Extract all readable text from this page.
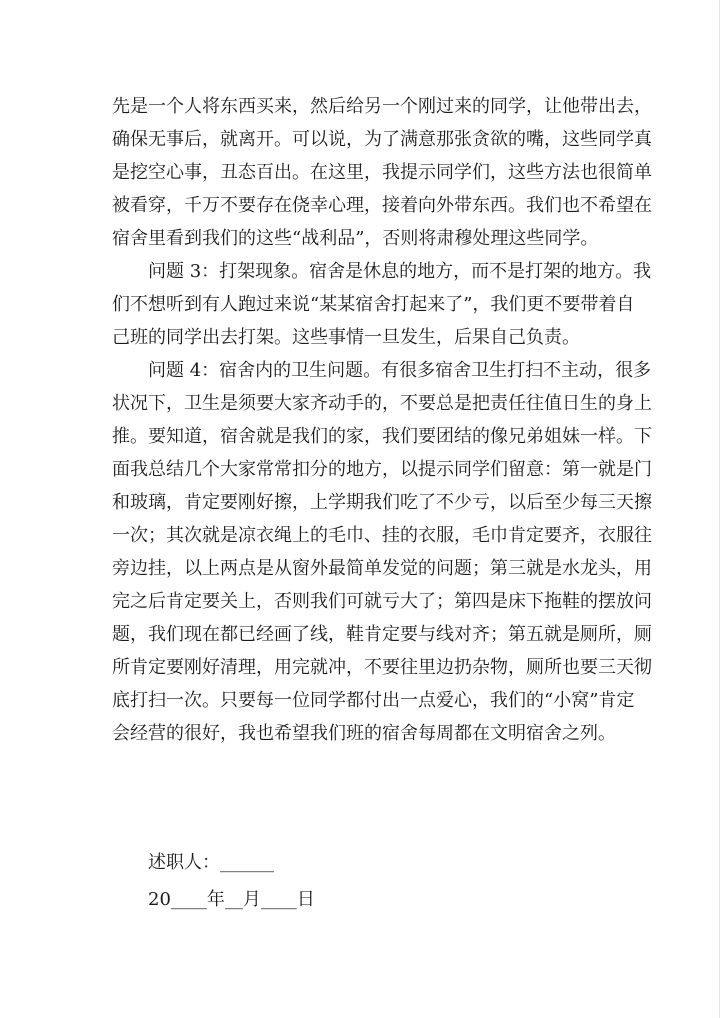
先是一个人将东西买来，然后给另一个刚过来的同学，让他带出去，
确保无事后，就离开。可以说，为了满意那张贪欲的嘴，这些同学真
是挖空心事，丑态百出。在这里，我提示同学们，这些方法也很简单
被看穿，千万不要存在侥幸心理，接着向外带东西。我们也不希望在
宿舍里看到我们的这些“战利品”，否则将肃穆处理这些同学。
问题 3：打架现象。宿舍是休息的地方，而不是打架的地方。我
们不想听到有人跑过来说“某某宿舍打起来了”，我们更不要带着自
己班的同学出去打架。这些事情一旦发生，后果自己负责。
问题 4：宿舍内的卫生问题。有很多宿舍卫生打扫不主动，很多
状况下，卫生是须要大家齐动手的，不要总是把责任往值日生的身上
推。要知道，宿舍就是我们的家，我们要团结的像兄弟姐妹一样。下
面我总结几个大家常常扣分的地方，以提示同学们留意：第一就是门
和玻璃，肯定要刚好擦，上学期我们吃了不少亏，以后至少每三天擦
一次；其次就是凉衣绳上的毛巾、挂的衣服，毛巾肯定要齐，衣服往
旁边挂，以上两点是从窗外最简单发觉的问题；第三就是水龙头，用
完之后肯定要关上，否则我们可就亏大了；第四是床下拖鞋的摆放问
题，我们现在都已经画了线，鞋肯定要与线对齐；第五就是厕所，厕
所肯定要刚好清理，用完就冲，不要往里边扔杂物，厕所也要三天彻
底打扫一次。只要每一位同学都付出一点爱心，我们的“小窝”肯定
会经营的很好，我也希望我们班的宿舍每周都在文明宿舍之列。
述职人：______
20____年__月____日
